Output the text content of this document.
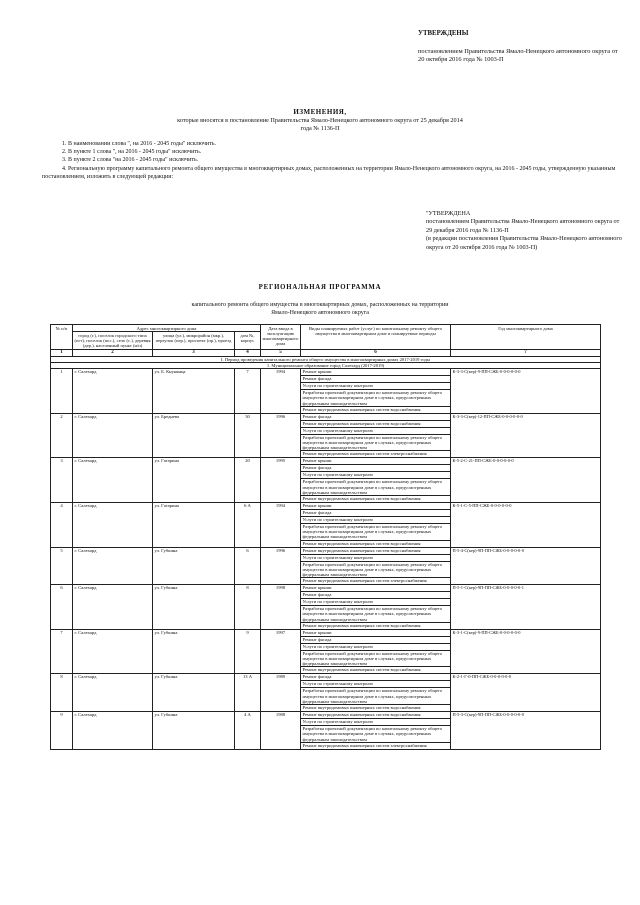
УТВЕРЖДЕНЫ
постановлением Правительства Ямало-Ненецкого автономного округа от 20 октября 2016 года № 1003-П
ИЗМЕНЕНИЯ,
которые вносятся в постановление Правительства Ямало-Ненецкого автономного округа от 25 декабря 2014 года № 1136-П
1. В наименовании слова ", на 2016 - 2045 годы" исключить.
2. В пункте 1 слова ", на 2016 - 2045 годы" исключить.
3. В пункте 2 слова "на 2016 - 2045 годы" исключить.
4. Региональную программу капитального ремонта общего имущества в многоквартирных домах, расположенных на территории Ямало-Ненецкого автономного округа, на 2016 - 2045 годы, утвержденную указанным постановлением, изложить в следующей редакции:
"УТВЕРЖДЕНА
постановлением Правительства Ямало-Ненецкого автономного округа от 29 декабря 2016 года № 1136-П
(в редакции постановления Правительства Ямало-Ненецкого автономного округа от 20 октября 2016 года № 1003-П)
РЕГИОНАЛЬНАЯ ПРОГРАММА
капитального ремонта общего имущества в многоквартирных домах, расположенных на территории Ямало-Ненецкого автономного округа
№ п/п	Адрес многоквартирного дома			Дата ввода в эксплуатацию многоквартирного дома	Виды планируемых работ (услуг) по капитальному ремонту общего имущества в многоквартирном доме и планируемые периоды	Год многоквартирного дома
	город (г.), поселок городского типа (пгт), поселок (пос.), село (с.), деревня (дер.), населенный пункт (н/п)	улица (ул.), микрорайон (мкр.), переулок (пер.), проспект (пр.), проезд	дом №, корпус			
1	2	3	4	5	6	7
I. Период проведения капитального ремонта общего имущества в многоквартирных домах 2017-2019 годы						
1. Муниципальное образование город Салехард (2017-2019)						
1	г. Салехард	ул. Б. Кнунянца	7	1994	Ремонт крыши	К-3-3-С(кер)-9-ПП-СЖБ-0-0-0-0-0-0
					Ремонт фасада	
					Услуги по строительному контролю	
					Разработка проектной документации по капитальному ремонту общего имущества в многоквартирном доме в случаях, предусмотренных федеральным законодательством	
					Ремонт внутридомовых инженерных систем водоснабжения	
2	г. Салехард	ул. Бреднева	30	1996	Ремонт фасада	К-3-3-С(кер)-12-ПП-СЖБ-0-0-0-0-0-0
					Ремонт внутридомовых инженерных систем водоснабжения	
					Услуги по строительному контролю	
					Разработка проектной документации по капитальному ремонту общего имущества в многоквартирном доме в случаях, предусмотренных федеральным законодательством	
					Ремонт внутридомовых инженерных систем электроснабжения	
3	г. Салехард	ул. Гагарина	20	1995	Ремонт крыши	К-5-2-С-21-ПП-СЖБ-0-0-0-0-0-0
					Ремонт фасада	
					Услуги по строительному контролю	
					Разработка проектной документации по капитальному ремонту общего имущества в многоквартирном доме в случаях, предусмотренных федеральным законодательством	
					Ремонт внутридомовых инженерных систем водоснабжения	
4	г. Салехард	ул. Гагарина	6 А	1994	Ремонт крыши	К-5-1-С-5-ПП-СЖБ-0-0-0-0-0-0
					Ремонт фасада	
					Услуги по строительному контролю	
					Разработка проектной документации по капитальному ремонту общего имущества в многоквартирном доме в случаях, предусмотренных федеральным законодательством	
					Ремонт внутридомовых инженерных систем водоснабжения	
5	г. Салехард	ул. Губкина	6	1996	Ремонт внутридомовых инженерных систем водоснабжения	П-5-4-С(кер)-9П-ПП-СЖБ-0-0-0-0-0-0
					Услуги по строительному контролю	
					Разработка проектной документации по капитальному ремонту общего имущества в многоквартирном доме в случаях, предусмотренных федеральным законодательством	
					Ремонт внутридомовых инженерных систем электроснабжения	
6	г. Салехард	ул. Губкина	8	1998	Ремонт крыши	П-5-1-С(кер)-9П-ПП-СЖБ-0-0-0-0-0-1
					Ремонт фасада	
					Услуги по строительному контролю	
					Разработка проектной документации по капитальному ремонту общего имущества в многоквартирном доме в случаях, предусмотренных федеральным законодательством	
					Ремонт внутридомовых инженерных систем водоснабжения	
7	г. Салехард	ул. Губкина	9	1997	Ремонт крыши	К-3-1-С(кер)-9-ПП-СЖБ-0-0-0-0-0-0
					Ремонт фасада	
					Услуги по строительному контролю	
					Разработка проектной документации по капитальному ремонту общего имущества в многоквартирном доме в случаях, предусмотренных федеральным законодательством	
					Ремонт внутридомовых инженерных систем водоснабжения	
8	г. Салехард	ул. Губкина	13 А	1989	Ремонт фасада	К-2-1-Г-0-ПП-СЖБ-0-0-0-0-0-0
					Услуги по строительному контролю	
					Разработка проектной документации по капитальному ремонту общего имущества в многоквартирном доме в случаях, предусмотренных федеральным законодательством	
					Ремонт внутридомовых инженерных систем водоснабжения	
9	г. Салехард	ул. Губкина	4 А	1988	Ремонт внутридомовых инженерных систем водоснабжения	П-5-3-С(кер)-9П-ПП-СЖБ-0-0-0-0-0-0
					Услуги по строительному контролю	
					Разработка проектной документации по капитальному ремонту общего имущества в многоквартирном доме в случаях, предусмотренных федеральным законодательством	
					Ремонт внутридомовых инженерных систем электроснабжения	
